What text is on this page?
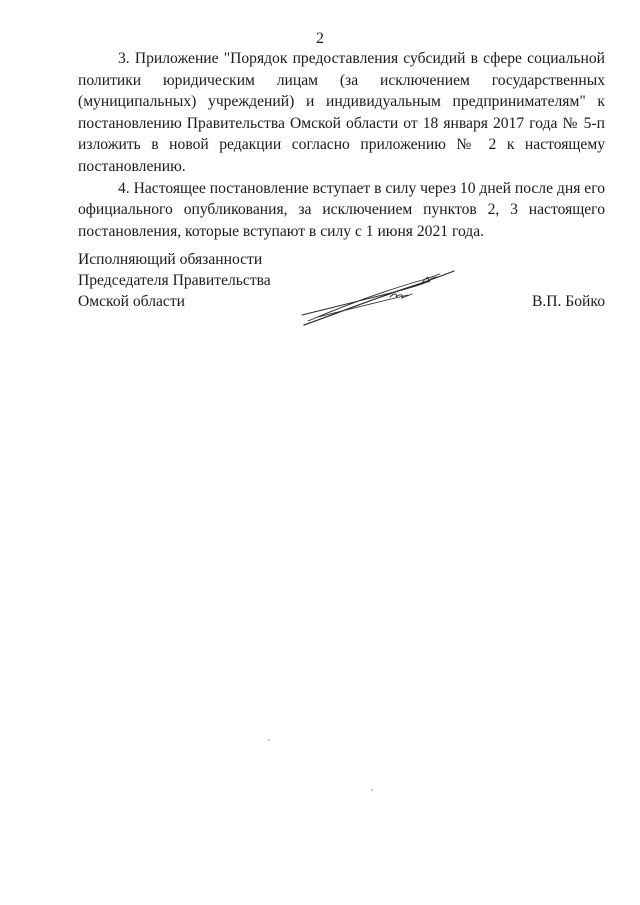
2

3. Приложение "Порядок предоставления субсидий в сфере социальной политики юридическим лицам (за исключением государственных (муниципальных) учреждений) и индивидуальным предпринимателям" к постановлению Правительства Омской области от 18 января 2017 года № 5-п изложить в новой редакции согласно приложению № 2 к настоящему постановлению.

4. Настоящее постановление вступает в силу через 10 дней после дня его официального опубликования, за исключением пунктов 2, 3 настоящего постановления, которые вступают в силу с 1 июня 2021 года.

Исполняющий обязанности
Председателя Правительства
Омской области	В.П. Бойко
